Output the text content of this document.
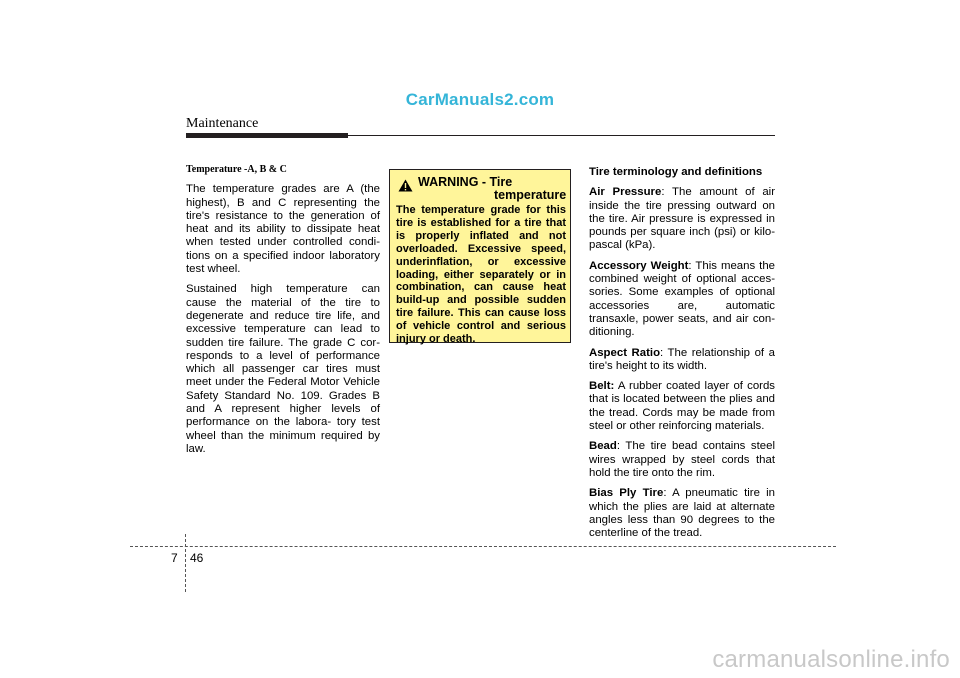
CarManuals2.com
Maintenance

Temperature -A, B & C

The temperature grades are A (the highest), B and C representing the tire's resistance to the generation of heat and its ability to dissipate heat when tested under controlled condi- tions on a specified indoor laboratory test wheel.

Sustained high temperature can cause the material of the tire to degenerate and reduce tire life, and excessive temperature can lead to sudden tire failure. The grade C cor- responds to a level of performance which all passenger car tires must meet under the Federal Motor Vehicle Safety Standard No. 109. Grades B and A represent higher levels of performance on the labora- tory test wheel than the minimum required by law.

WARNING - Tire
temperature
The temperature grade for this tire is established for a tire that is properly inflated and not overloaded. Excessive speed, underinflation, or excessive loading, either separately or in combination, can cause heat build-up and possible sudden tire failure. This can cause loss of vehicle control and serious injury or death.

Tire terminology and definitions

Air Pressure: The amount of air inside the tire pressing outward on the tire. Air pressure is expressed in pounds per square inch (psi) or kilo- pascal (kPa).

Accessory Weight: This means the combined weight of optional acces- sories. Some examples of optional accessories are, automatic transaxle, power seats, and air con- ditioning.

Aspect Ratio: The relationship of a tire's height to its width.

Belt: A rubber coated layer of cords that is located between the plies and the tread. Cords may be made from steel or other reinforcing materials.

Bead: The tire bead contains steel wires wrapped by steel cords that hold the tire onto the rim.

Bias Ply Tire: A pneumatic tire in which the plies are laid at alternate angles less than 90 degrees to the centerline of the tread.

7 46
carmanualsonline.info
